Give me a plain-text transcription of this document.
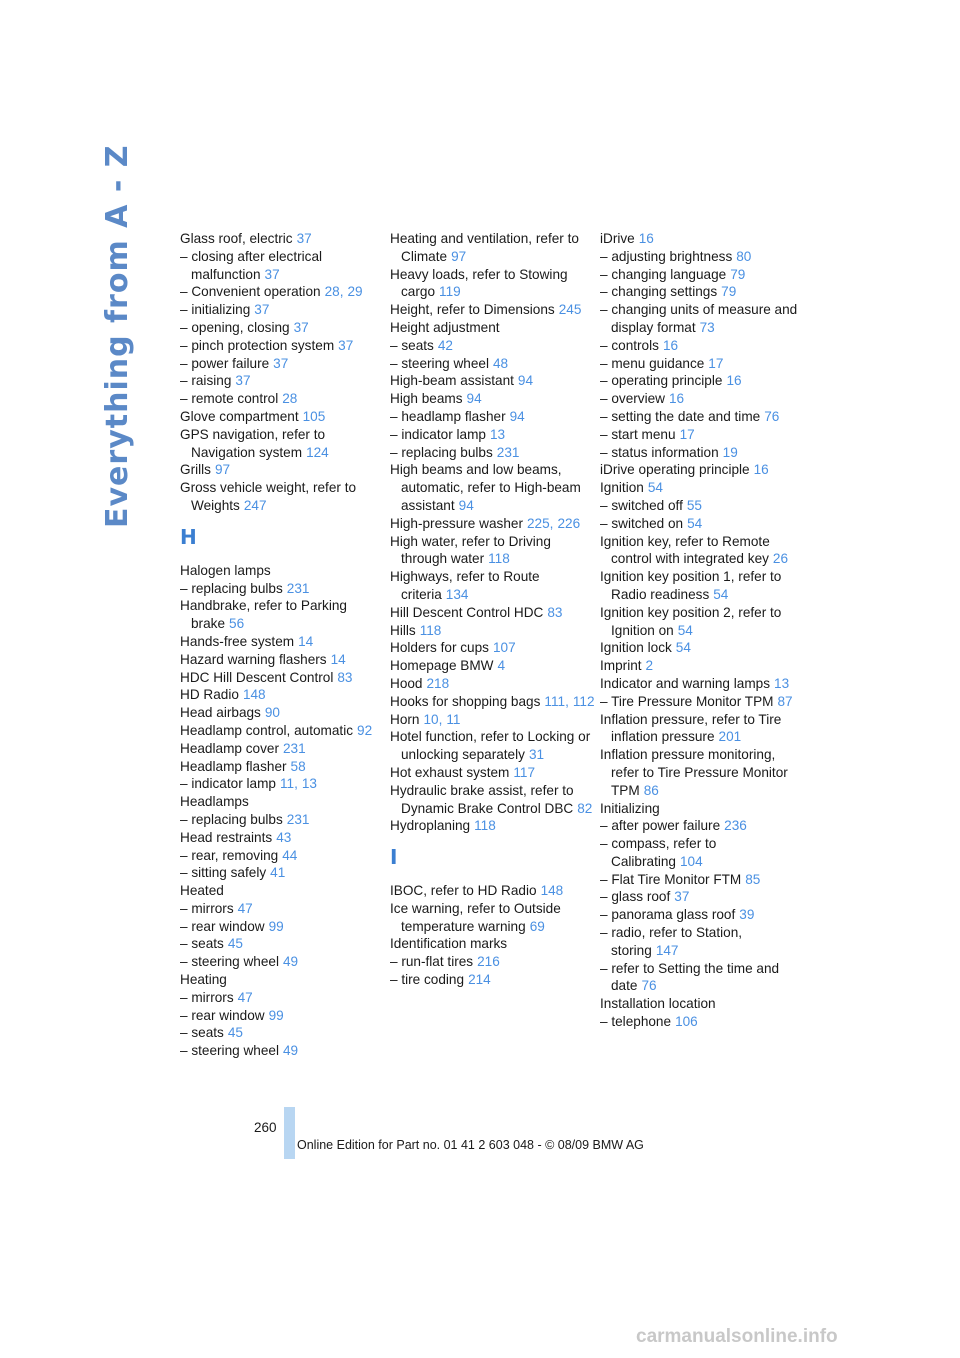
Everything from A - Z	Glass roof, electric 37
– closing after electrical malfunction 37
– Convenient operation 28, 29
– initializing 37
– opening, closing 37
– pinch protection system 37
– power failure 37
– raising 37
– remote control 28
Glove compartment 105
GPS navigation, refer to Navigation system 124
Grills 97
Gross vehicle weight, refer to Weights 247
H
Halogen lamps
– replacing bulbs 231
Handbrake, refer to Parking brake 56
Hands-free system 14
Hazard warning flashers 14
HDC Hill Descent Control 83
HD Radio 148
Head airbags 90
Headlamp control, automatic 92
Headlamp cover 231
Headlamp flasher 58
– indicator lamp 11, 13
Headlamps
– replacing bulbs 231
Head restraints 43
– rear, removing 44
– sitting safely 41
Heated
– mirrors 47
– rear window 99
– seats 45
– steering wheel 49
Heating
– mirrors 47
– rear window 99
– seats 45
– steering wheel 49
Heating and ventilation, refer to Climate 97
Heavy loads, refer to Stowing cargo 119
Height, refer to Dimensions 245
Height adjustment
– seats 42
– steering wheel 48
High-beam assistant 94
High beams 94
– headlamp flasher 94
– indicator lamp 13
– replacing bulbs 231
High beams and low beams, automatic, refer to High-beam assistant 94
High-pressure washer 225, 226
High water, refer to Driving through water 118
Highways, refer to Route criteria 134
Hill Descent Control HDC 83
Hills 118
Holders for cups 107
Homepage BMW 4
Hood 218
Hooks for shopping bags 111, 112
Horn 10, 11
Hotel function, refer to Locking or unlocking separately 31
Hot exhaust system 117
Hydraulic brake assist, refer to Dynamic Brake Control DBC 82
Hydroplaning 118
I
IBOC, refer to HD Radio 148
Ice warning, refer to Outside temperature warning 69
Identification marks
– run-flat tires 216
– tire coding 214
iDrive 16
– adjusting brightness 80
– changing language 79
– changing settings 79
– changing units of measure and display format 73
– controls 16
– menu guidance 17
– operating principle 16
– overview 16
– setting the date and time 76
– start menu 17
– status information 19
iDrive operating principle 16
Ignition 54
– switched off 55
– switched on 54
Ignition key, refer to Remote control with integrated key 26
Ignition key position 1, refer to Radio readiness 54
Ignition key position 2, refer to Ignition on 54
Ignition lock 54
Imprint 2
Indicator and warning lamps 13
– Tire Pressure Monitor TPM 87
Inflation pressure, refer to Tire inflation pressure 201
Inflation pressure monitoring, refer to Tire Pressure Monitor TPM 86
Initializing
– after power failure 236
– compass, refer to Calibrating 104
– Flat Tire Monitor FTM 85
– glass roof 37
– panorama glass roof 39
– radio, refer to Station, storing 147
– refer to Setting the time and date 76
Installation location
– telephone 106
260
Online Edition for Part no. 01 41 2 603 048 - © 08/09 BMW AG
carmanualsonline.info
